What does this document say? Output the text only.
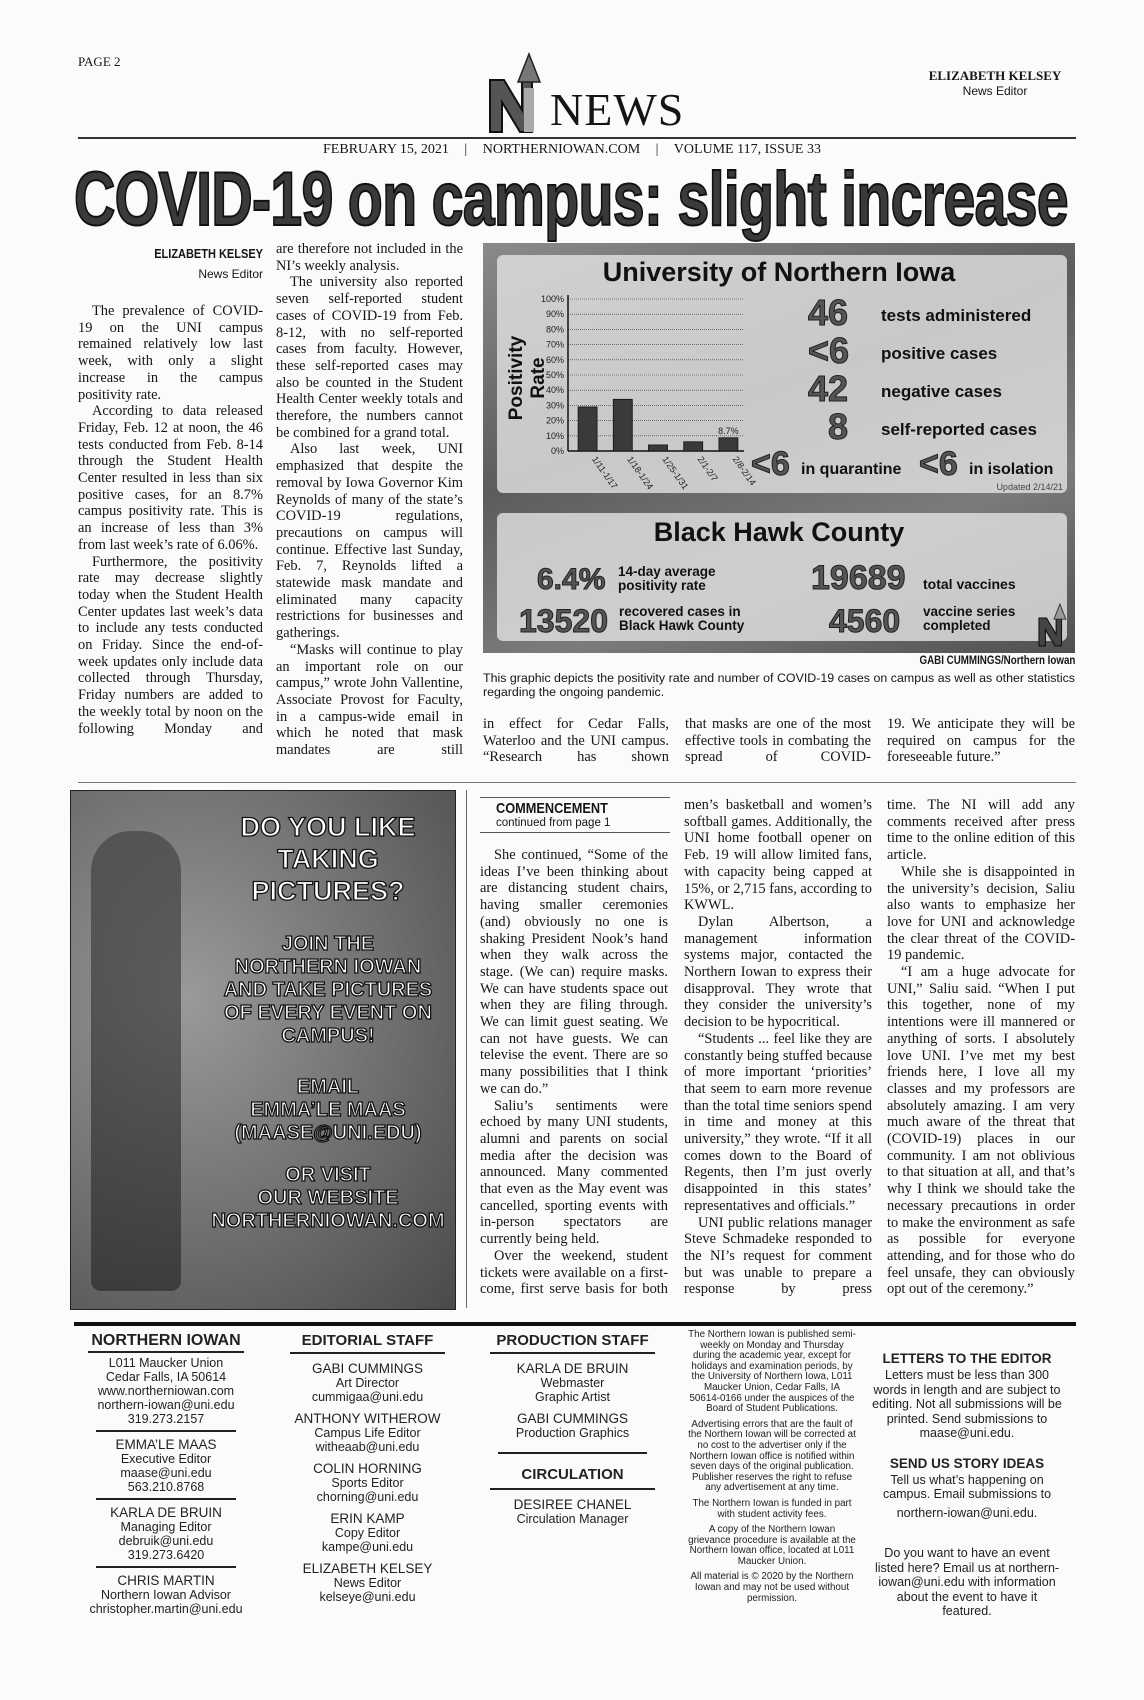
PAGE 2
NEWS
ELIZABETH KELSEY
News Editor
FEBRUARY 15, 2021 | NORTHERNIOWAN.COM | VOLUME 117, ISSUE 33
COVID-19 on campus: slight increase
ELIZABETH KELSEY
News Editor

The prevalence of COVID-19 on the UNI campus remained relatively low last week, with only a slight increase in the campus positivity rate.

According to data released Friday, Feb. 12 at noon, the 46 tests conducted from Feb. 8-14 through the Student Health Center resulted in less than six positive cases, for an 8.7% campus positivity rate. This is an increase of less than 3% from last week’s rate of 6.06%.

Furthermore, the positivity rate may decrease slightly today when the Student Health Center updates last week’s data to include any tests conducted on Friday. Since the end-of-week updates only include data collected through Thursday, Friday numbers are added to the weekly total by noon on the following Monday and

are therefore not included in the NI’s weekly analysis.

The university also reported seven self-reported student cases of COVID-19 from Feb. 8-12, with no self-reported cases from faculty. However, these self-reported cases may also be counted in the Student Health Center weekly totals and therefore, the numbers cannot be combined for a grand total.

Also last week, UNI emphasized that despite the removal by Iowa Governor Kim Reynolds of many of the state’s COVID-19 regulations, precautions on campus will continue. Effective last Sunday, Feb. 7, Reynolds lifted a statewide mask mandate and eliminated many capacity restrictions for businesses and gatherings.

“Masks will continue to play an important role on our campus,” wrote John Vallentine, Associate Provost for Faculty, in a campus-wide email in which he noted that mask mandates are still

University of Northern Iowa
Positivity Rate
0%
10%
20%
30%
40%
50%
60%
70%
80%
90%
100%
1/11-1/17 1/18-1/24 1/25-1/31 2/1-2/7 2/8-2/14
8.7%
46 tests administered
<6 positive cases
42 negative cases
8 self-reported cases
<6 in quarantine <6 in isolation
Updated 2/14/21
Black Hawk County
6.4% 14-day average
positivity rate	19689 total vaccines
13520 recovered cases in
Black Hawk County	4560 vaccine series
completed
GABI CUMMINGS/Northern Iowan
This graphic depicts the positivity rate and number of COVID-19 cases on campus as well as other statistics regarding the ongoing pandemic.

in effect for Cedar Falls, Waterloo and the UNI campus. “Research has shown

that masks are one of the most effective tools in combating the spread of COVID-

19. We anticipate they will be required on campus for the foreseeable future.”

DO YOU LIKE
TAKING
PICTURES?
JOIN THE
NORTHERN IOWAN
AND TAKE PICTURES
OF EVERY EVENT ON
CAMPUS!
EMAIL
EMMA’LE MAAS
(MAASE@UNI.EDU)
OR VISIT
OUR WEBSITE
NORTHERNIOWAN.COM
COMMENCEMENT
continued from page 1

She continued, “Some of the ideas I’ve been thinking about are distancing student chairs, having smaller ceremonies (and) obviously no one is shaking President Nook’s hand when they walk across the stage. (We can) require masks. We can have students space out when they are filing through. We can limit guest seating. We can not have guests. We can televise the event. There are so many possibilities that I think we can do.”

Saliu’s sentiments were echoed by many UNI students, alumni and parents on social media after the decision was announced. Many commented that even as the May event was cancelled, sporting events with in-person spectators are currently being held.

Over the weekend, student tickets were available on a first-come, first serve basis for both

men’s basketball and women’s softball games. Additionally, the UNI home football opener on Feb. 19 will allow limited fans, with capacity being capped at 15%, or 2,715 fans, according to KWWL.

Dylan Albertson, a management information systems major, contacted the Northern Iowan to express their disapproval. They wrote that they consider the university’s decision to be hypocritical.

“Students ... feel like they are constantly being stuffed because of more important ‘priorities’ that seem to earn more revenue than the total time seniors spend in time and money at this university,” they wrote. “If it all comes down to the Board of Regents, then I’m just overly disappointed in this states’ representatives and officials.”

UNI public relations manager Steve Schmadeke responded to the NI’s request for comment but was unable to prepare a response by press

time. The NI will add any comments received after press time to the online edition of this article.

While she is disappointed in the university’s decision, Saliu also wants to emphasize her love for UNI and acknowledge the clear threat of the COVID-19 pandemic.

“I am a huge advocate for UNI,” Saliu said. “When I put this together, none of my intentions were ill mannered or anything of sorts. I absolutely love UNI. I’ve met my best friends here, I love all my classes and my professors are absolutely amazing. I am very much aware of the threat that (COVID-19) places in our community. I am not oblivious to that situation at all, and that’s why I think we should take the necessary precautions in order to make the environment as safe as possible for everyone attending, and for those who do feel unsafe, they can obviously opt out of the ceremony.”

NORTHERN IOWAN
L011 Maucker Union
Cedar Falls, IA 50614
www.northerniowan.com
northern-iowan@uni.edu
319.273.2157
EMMA’LE MAAS
Executive Editor
maase@uni.edu
563.210.8768
KARLA DE BRUIN
Managing Editor
debruik@uni.edu
319.273.6420
CHRIS MARTIN
Northern Iowan Advisor
christopher.martin@uni.edu
EDITORIAL STAFF
GABI CUMMINGS
Art Director
cummigaa@uni.edu
ANTHONY WITHEROW
Campus Life Editor
witheaab@uni.edu
COLIN HORNING
Sports Editor
chorning@uni.edu
ERIN KAMP
Copy Editor
kampe@uni.edu
ELIZABETH KELSEY
News Editor
kelseye@uni.edu
PRODUCTION STAFF
KARLA DE BRUIN
Webmaster
Graphic Artist
GABI CUMMINGS
Production Graphics
CIRCULATION
DESIREE CHANEL
Circulation Manager

The Northern Iowan is published semi-weekly on Monday and Thursday during the academic year, except for holidays and examination periods, by the University of Northern Iowa, L011 Maucker Union, Cedar Falls, IA 50614-0166 under the auspices of the Board of Student Publications.

Advertising errors that are the fault of the Northern Iowan will be corrected at no cost to the advertiser only if the Northern Iowan office is notified within seven days of the original publication. Publisher reserves the right to refuse any advertisement at any time.

The Northern Iowan is funded in part with student activity fees.

A copy of the Northern Iowan grievance procedure is available at the Northern Iowan office, located at L011 Maucker Union.

All material is © 2020 by the Northern Iowan and may not be used without permission.

LETTERS TO THE EDITOR
Letters must be less than 300 words in length and are subject to editing. Not all submissions will be printed. Send submissions to maase@uni.edu.
SEND US STORY IDEAS
Tell us what’s happening on campus. Email submissions to
northern-iowan@uni.edu.
Do you want to have an event listed here? Email us at northern-iowan@uni.edu with information about the event to have it featured.
